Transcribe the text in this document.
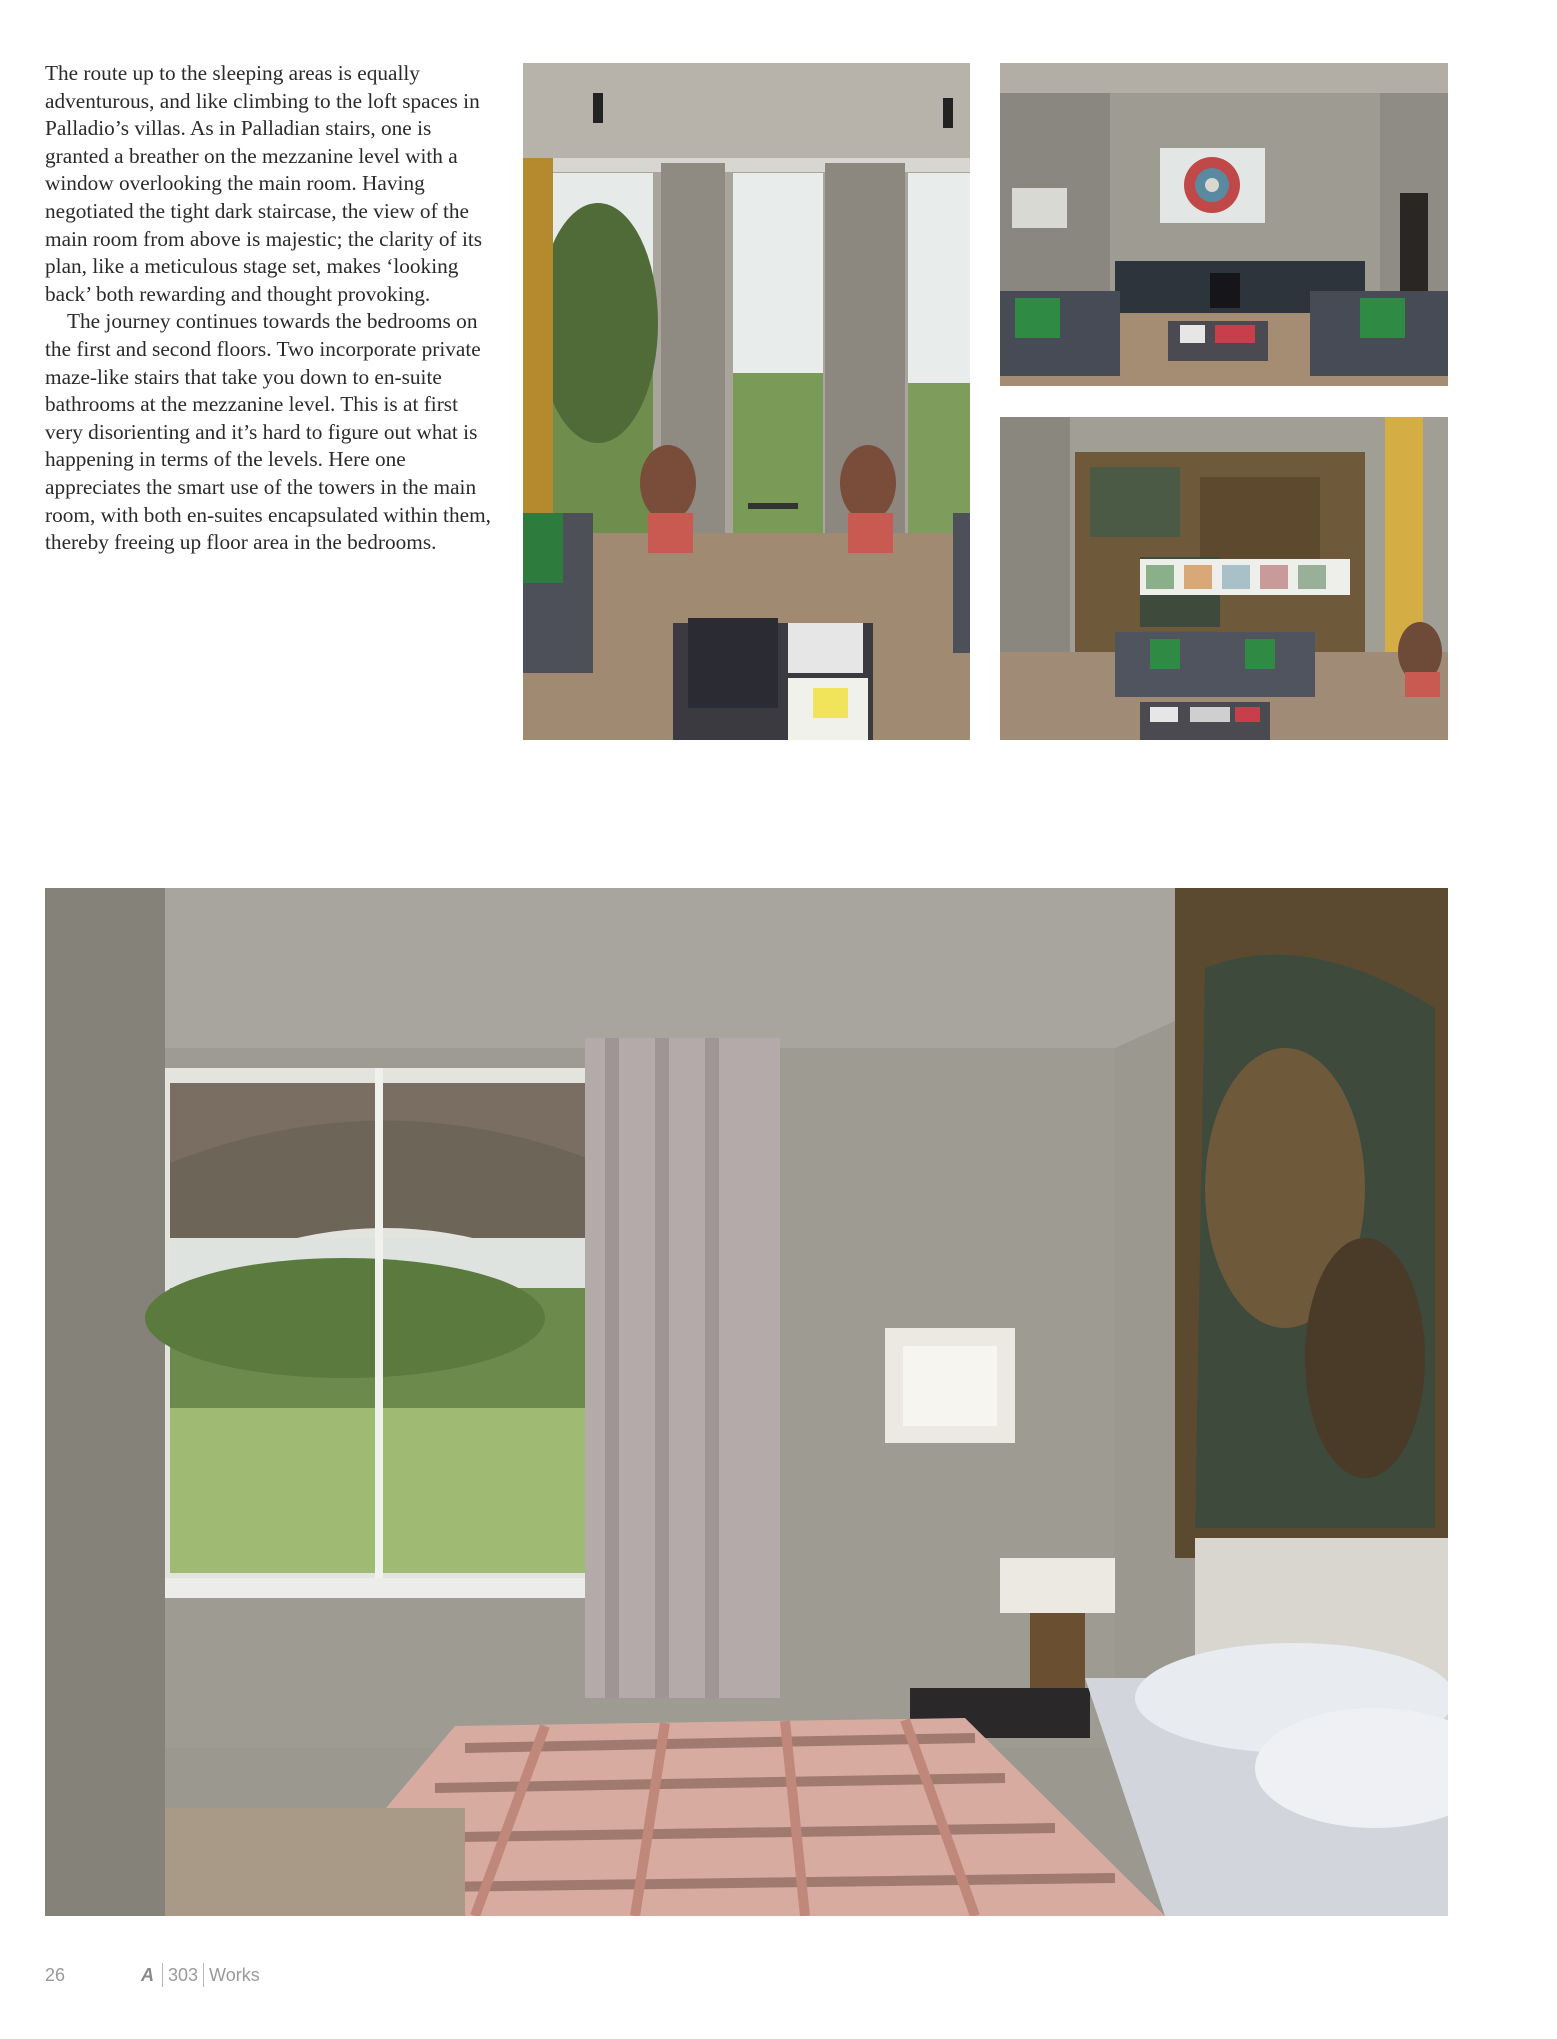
The route up to the sleeping areas is equally adventurous, and like climbing to the loft spaces in Palladio’s villas. As in Palladian stairs, one is granted a breather on the mezzanine level with a window overlooking the main room. Having negotiated the tight dark staircase, the view of the main room from above is majestic; the clarity of its plan, like a meticulous stage set, makes ‘looking back’ both rewarding and thought provoking.

The journey continues towards the bedrooms on the first and second floors. Two incorporate private maze-like stairs that take you down to en-suite bathrooms at the mezzanine level. This is at first very disorienting and it’s hard to figure out what is happening in terms of the levels. Here one appreciates the smart use of the towers in the main room, with both en-suites encapsulated within them, thereby freeing up floor area in the bedrooms.

26	A 303 Works
